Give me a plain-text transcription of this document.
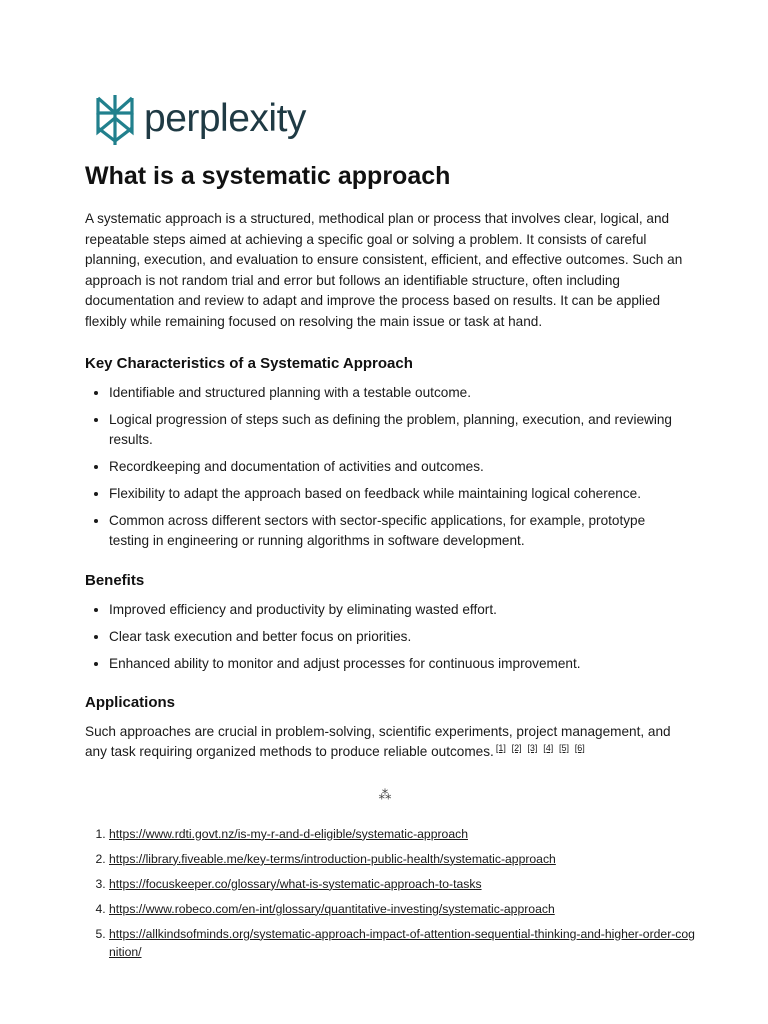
perplexity
What is a systematic approach

A systematic approach is a structured, methodical plan or process that involves clear, logical, and repeatable steps aimed at achieving a specific goal or solving a problem. It consists of careful planning, execution, and evaluation to ensure consistent, efficient, and effective outcomes. Such an approach is not random trial and error but follows an identifiable structure, often including documentation and review to adapt and improve the process based on results. It can be applied flexibly while remaining focused on resolving the main issue or task at hand.

Key Characteristics of a Systematic Approach
• Identifiable and structured planning with a testable outcome.
• Logical progression of steps such as defining the problem, planning, execution, and reviewing results.
• Recordkeeping and documentation of activities and outcomes.
• Flexibility to adapt the approach based on feedback while maintaining logical coherence.
• Common across different sectors with sector-specific applications, for example, prototype testing in engineering or running algorithms in software development.
Benefits
• Improved efficiency and productivity by eliminating wasted effort.
• Clear task execution and better focus on priorities.
• Enhanced ability to monitor and adjust processes for continuous improvement.
Applications

Such approaches are crucial in problem-solving, scientific experiments, project management, and any task requiring organized methods to produce reliable outcomes. [1] [2] [3] [4] [5] [6]

⁂
1. https://www.rdti.govt.nz/is-my-r-and-d-eligible/systematic-approach
2. https://library.fiveable.me/key-terms/introduction-public-health/systematic-approach
3. https://focuskeeper.co/glossary/what-is-systematic-approach-to-tasks
4. https://www.robeco.com/en-int/glossary/quantitative-investing/systematic-approach
5. https://allkindsofminds.org/systematic-approach-impact-of-attention-sequential-thinking-and-higher-order-cognition/
